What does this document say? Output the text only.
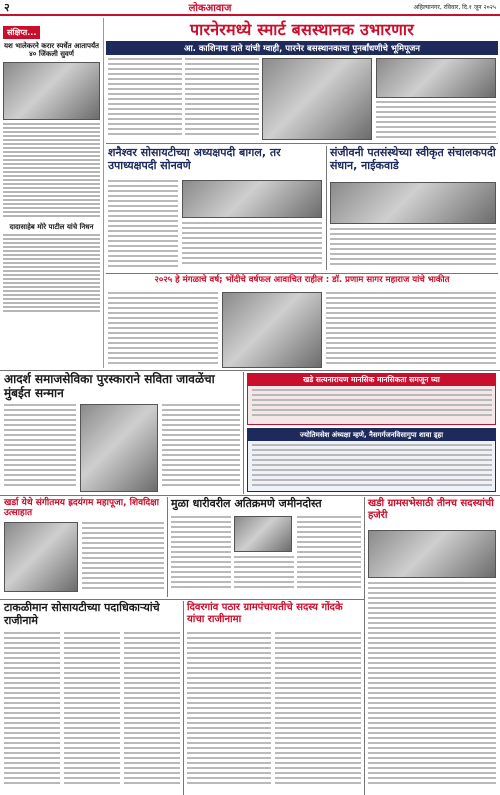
२	लोकआवाज	अहिल्यानगर, रविवार, दि.१ जून २०२५
संक्षिप्त...
यश भालेकरने करार स्पर्धेत आतापर्यंत ४० जिंकली सुवर्ण
दादासाहेब मोरे पाटील यांचे निधन
पारनेरमध्ये स्मार्ट बसस्थानक उभारणार
आ. काशिनाथ दाते यांची ग्वाही, पारनेर बसस्थानकाचा पुनर्बांधणीचे भूमिपूजन
शनैश्वर सोसायटीच्या अध्यक्षपदी बागल, तर उपाध्यक्षपदी सोनवणे
संजीवनी पतसंस्थेच्या स्वीकृत संचालकपदी संधान, नाईकवाडे
२०२५ हे मंगळाचे वर्ष; भोंदीचे वर्षफल आवाचित राहील : डॉ. प्रणाम सागर महाराज यांचे भाकीत
आदर्श समाजसेविका पुरस्काराने सविता जावळेंचा मुंबईत सन्मान
खडे सत्यनारायण मानसिक मानसिकता समजून घ्या
ज्योतिमसेश अंध्यक्षा म्हणे, नैसगर्गजनविसागुपा शावा ड्हा
खर्डा येथे संगीतमय ह्रदयंगम महापूजा, शिवदिक्षा उत्साहात
मुळा धारीवरील अतिक्रमणे जमीनदोस्त	खडी ग्रामसभेसाठी तीनच सदस्यांची हजेरी
टाकळीमान सोसायटीच्या पदाधिकाऱ्यांचे राजीनामे
दिवरगांव पठार ग्रामपंचायतीचे सदस्य गोंदके यांचा राजीनामा
